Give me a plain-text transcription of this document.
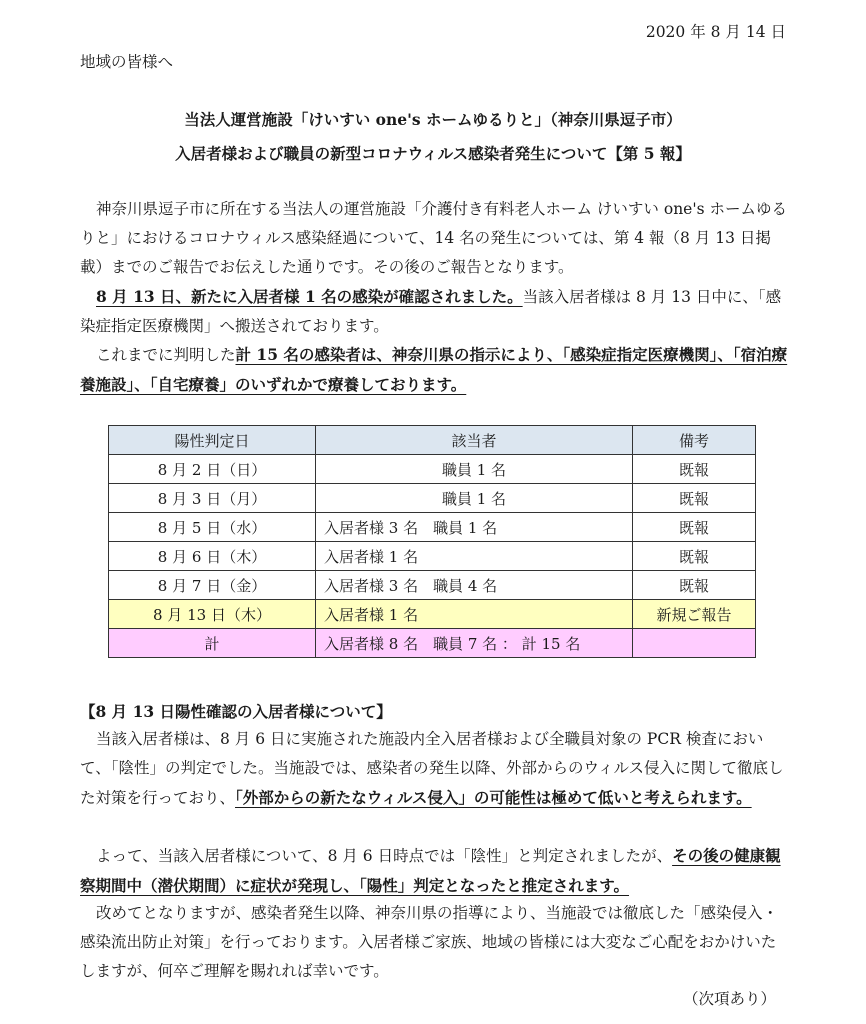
2020 年 8 月 14 日
地域の皆様へ
当法人運営施設「けいすい one's ホームゆるりと」（神奈川県逗子市）
入居者様および職員の新型コロナウィルス感染者発生について【第 5 報】
神奈川県逗子市に所在する当法人の運営施設「介護付き有料老人ホーム けいすい one's ホームゆるりと」におけるコロナウィルス感染経過について、14 名の発生については、第 4 報（8 月 13 日掲載）までのご報告でお伝えした通りです。その後のご報告となります。
8 月 13 日、新たに入居者様 1 名の感染が確認されました。当該入居者様は 8 月 13 日中に、「感染症指定医療機関」へ搬送されております。
これまでに判明した計 15 名の感染者は、神奈川県の指示により、「感染症指定医療機関」、「宿泊療養施設」、「自宅療養」のいずれかで療養しております。
陽性判定日	該当者	備考
8 月 2 日（日）	職員 1 名	既報
8 月 3 日（月）	職員 1 名	既報
8 月 5 日（水）	入居者様 3 名　職員 1 名	既報
8 月 6 日（木）	入居者様 1 名	既報
8 月 7 日（金）	入居者様 3 名　職員 4 名	既報
8 月 13 日（木）	入居者様 1 名	新規ご報告
計	入居者様 8 名　職員 7 名 ： 計 15 名	
【8 月 13 日陽性確認の入居者様について】
当該入居者様は、8 月 6 日に実施された施設内全入居者様および全職員対象の PCR 検査において、「陰性」の判定でした。当施設では、感染者の発生以降、外部からのウィルス侵入に関して徹底した対策を行っており、「外部からの新たなウィルス侵入」の可能性は極めて低いと考えられます。
よって、当該入居者様について、8 月 6 日時点では「陰性」と判定されましたが、その後の健康観察期間中（潜伏期間）に症状が発現し、「陽性」判定となったと推定されます。
改めてとなりますが、感染者発生以降、神奈川県の指導により、当施設では徹底した「感染侵入・感染流出防止対策」を行っております。入居者様ご家族、地域の皆様には大変なご心配をおかけいたしますが、何卒ご理解を賜れれば幸いです。
（次項あり）
